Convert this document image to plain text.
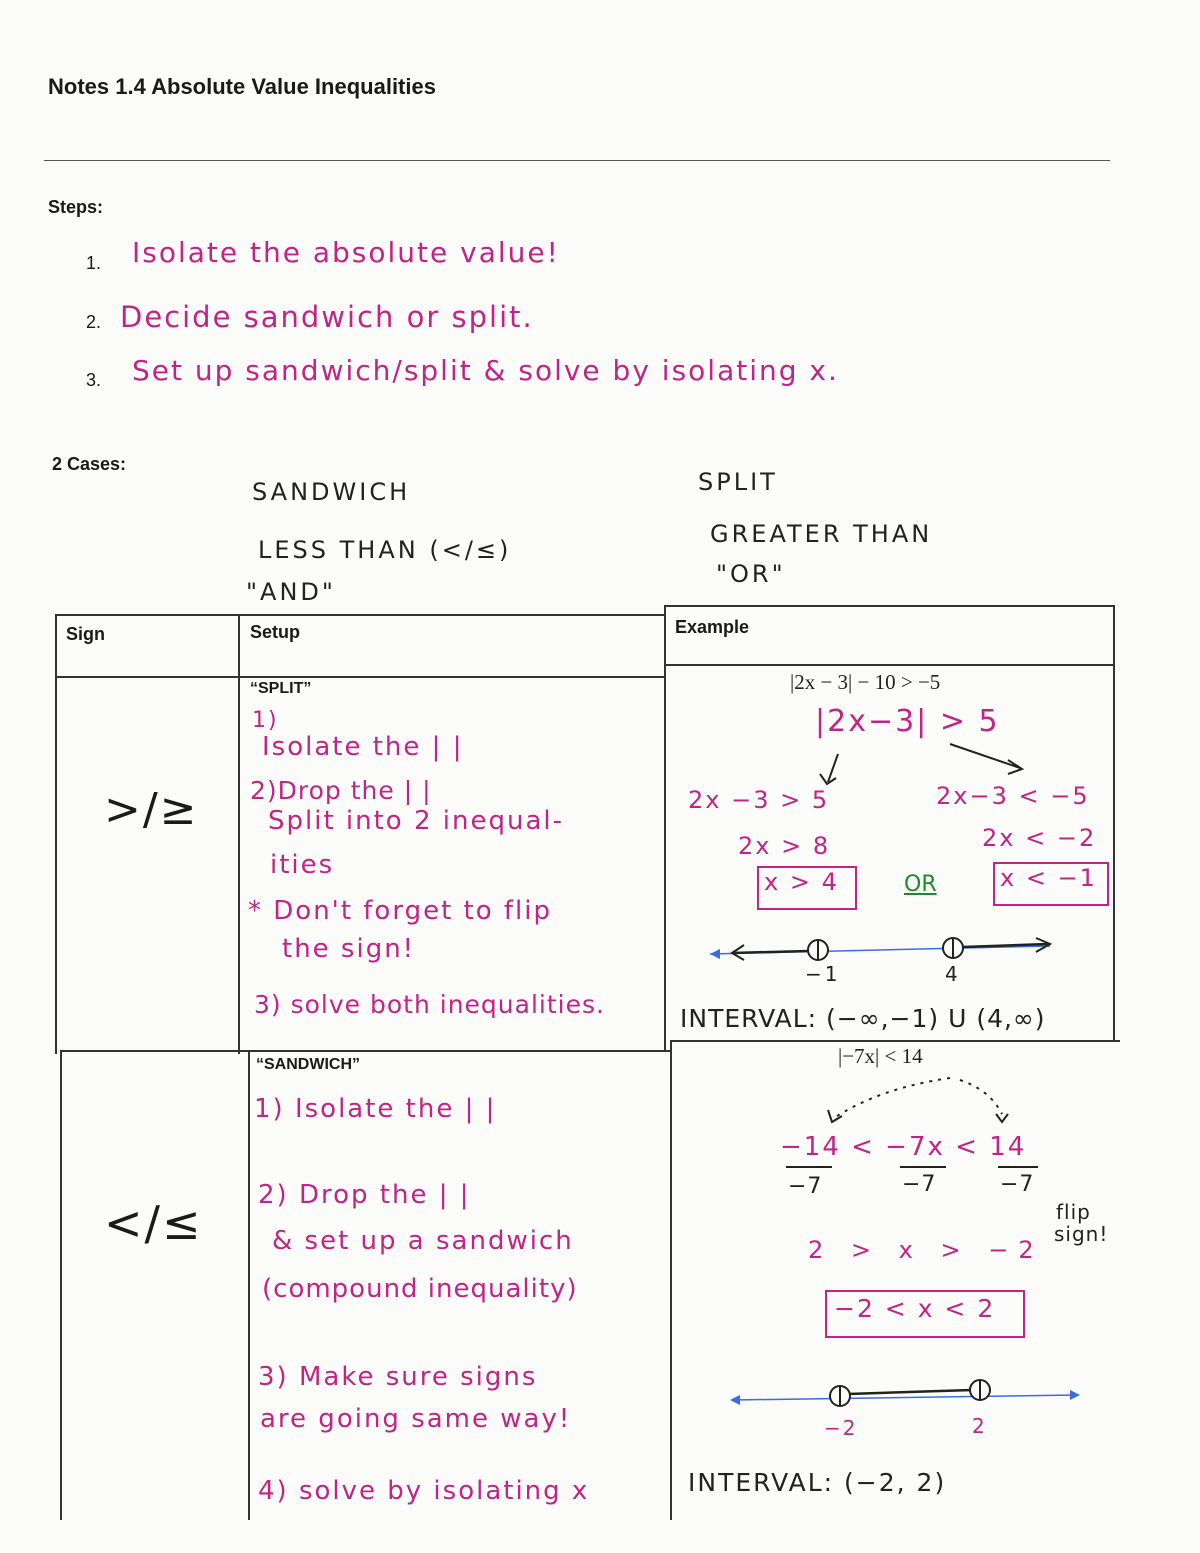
Notes 1.4 Absolute Value Inequalities
Steps:
1. Isolate the absolute value!
2. Decide sandwich or split.
3. Set up sandwich/split & solve by isolating x.
2 Cases:
SANDWICH
LESS THAN (</≤)
"AND"
SPLIT
GREATER THAN
"OR"
Sign	Setup	Example
>/≥
“SPLIT”
1)
Isolate the | |
2)Drop the | |
Split into 2 inequal-
ities
* Don't forget to flip
the sign!
3) solve both inequalities.
|2x − 3| − 10 > −5
|2x−3| > 5
2x −3 > 5	2x−3 < −5
2x > 8	2x < −2
x > 4	OR	x < −1
−1	4
INTERVAL: (−∞,−1) U (4,∞)
</≤
“SANDWICH”
1) Isolate the | |
2) Drop the | |
& set up a sandwich
(compound inequality)
3) Make sure signs
are going same way!
4) solve by isolating x
|−7x| < 14
−14 < −7x < 14
−7	−7	−7
2 > x > −2
flip
sign!
−2 < x < 2
−2	2
INTERVAL: (−2, 2)
